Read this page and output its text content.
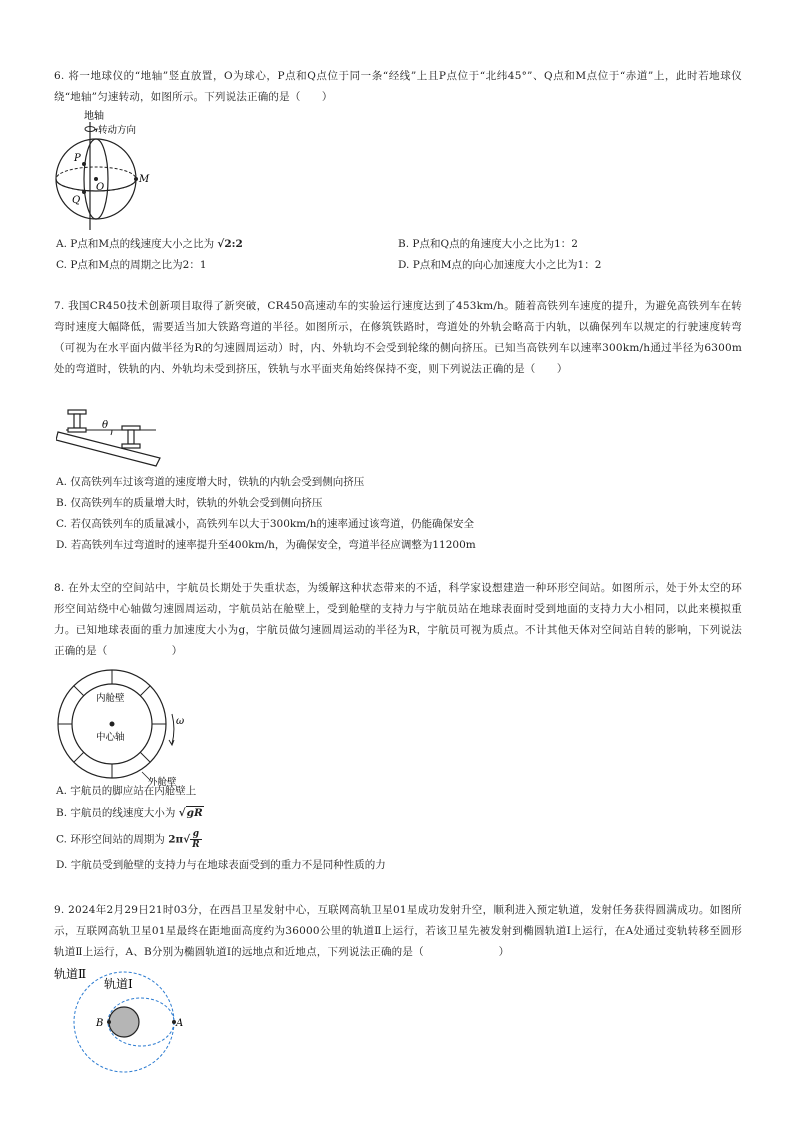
6. 将一地球仪的“地轴”竖直放置，O为球心，P点和Q点位于同一条“经线”上且P点位于“北纬45°”、Q点和M点位于“赤道”上，此时若地球仪绕“地轴”匀速转动，如图所示。下列说法正确的是（　　）

地轴
转动方向
P
Q
O
M

A. P点和M点的线速度大小之比为 √2:2	B. P点和Q点的角速度大小之比为1：2

C. P点和M点的周期之比为2：1	D. P点和M点的向心加速度大小之比为1：2

7. 我国CR450技术创新项目取得了新突破，CR450高速动车的实验运行速度达到了453km/h。随着高铁列车速度的提升，为避免高铁列车在转弯时速度大幅降低，需要适当加大铁路弯道的半径。如图所示，在修筑铁路时，弯道处的外轨会略高于内轨，以确保列车以规定的行驶速度转弯（可视为在水平面内做半径为R的匀速圆周运动）时，内、外轨均不会受到轮缘的侧向挤压。已知当高铁列车以速率300km/h通过半径为6300m处的弯道时，铁轨的内、外轨均未受到挤压，铁轨与水平面夹角始终保持不变，则下列说法正确的是（　　）

θ

A. 仅高铁列车过该弯道的速度增大时，铁轨的内轨会受到侧向挤压

B. 仅高铁列车的质量增大时，铁轨的外轨会受到侧向挤压

C. 若仅高铁列车的质量减小，高铁列车以大于300km/h的速率通过该弯道，仍能确保安全

D. 若高铁列车过弯道时的速率提升至400km/h，为确保安全，弯道半径应调整为11200m

8. 在外太空的空间站中，宇航员长期处于失重状态，为缓解这种状态带来的不适，科学家设想建造一种环形空间站。如图所示，处于外太空的环形空间站绕中心轴做匀速圆周运动，宇航员站在舱壁上，受到舱壁的支持力与宇航员站在地球表面时受到地面的支持力大小相同，以此来模拟重力。已知地球表面的重力加速度大小为g，宇航员做匀速圆周运动的半径为R，宇航员可视为质点。不计其他天体对空间站自转的影响，下列说法正确的是（　　　　　　）

内舱壁
中心轴
ω
外舱壁

A. 宇航员的脚应站在内舱壁上

B. 宇航员的线速度大小为 √gR

C. 环形空间站的周期为 $2\pi√ \frac{g}{R}$

D. 宇航员受到舱壁的支持力与在地球表面受到的重力不是同种性质的力

9. 2024年2月29日21时03分，在西昌卫星发射中心，互联网高轨卫星01星成功发射升空，顺利进入预定轨道，发射任务获得圆满成功。如图所示，互联网高轨卫星01星最终在距地面高度约为36000公里的轨道Ⅱ上运行，若该卫星先被发射到椭圆轨道Ⅰ上运行，在A处通过变轨转移至圆形轨道Ⅱ上运行，A、B分别为椭圆轨道Ⅰ的远地点和近地点，下列说法正确的是（　　　　　　　）

轨道Ⅱ
轨道Ⅰ
B	A
